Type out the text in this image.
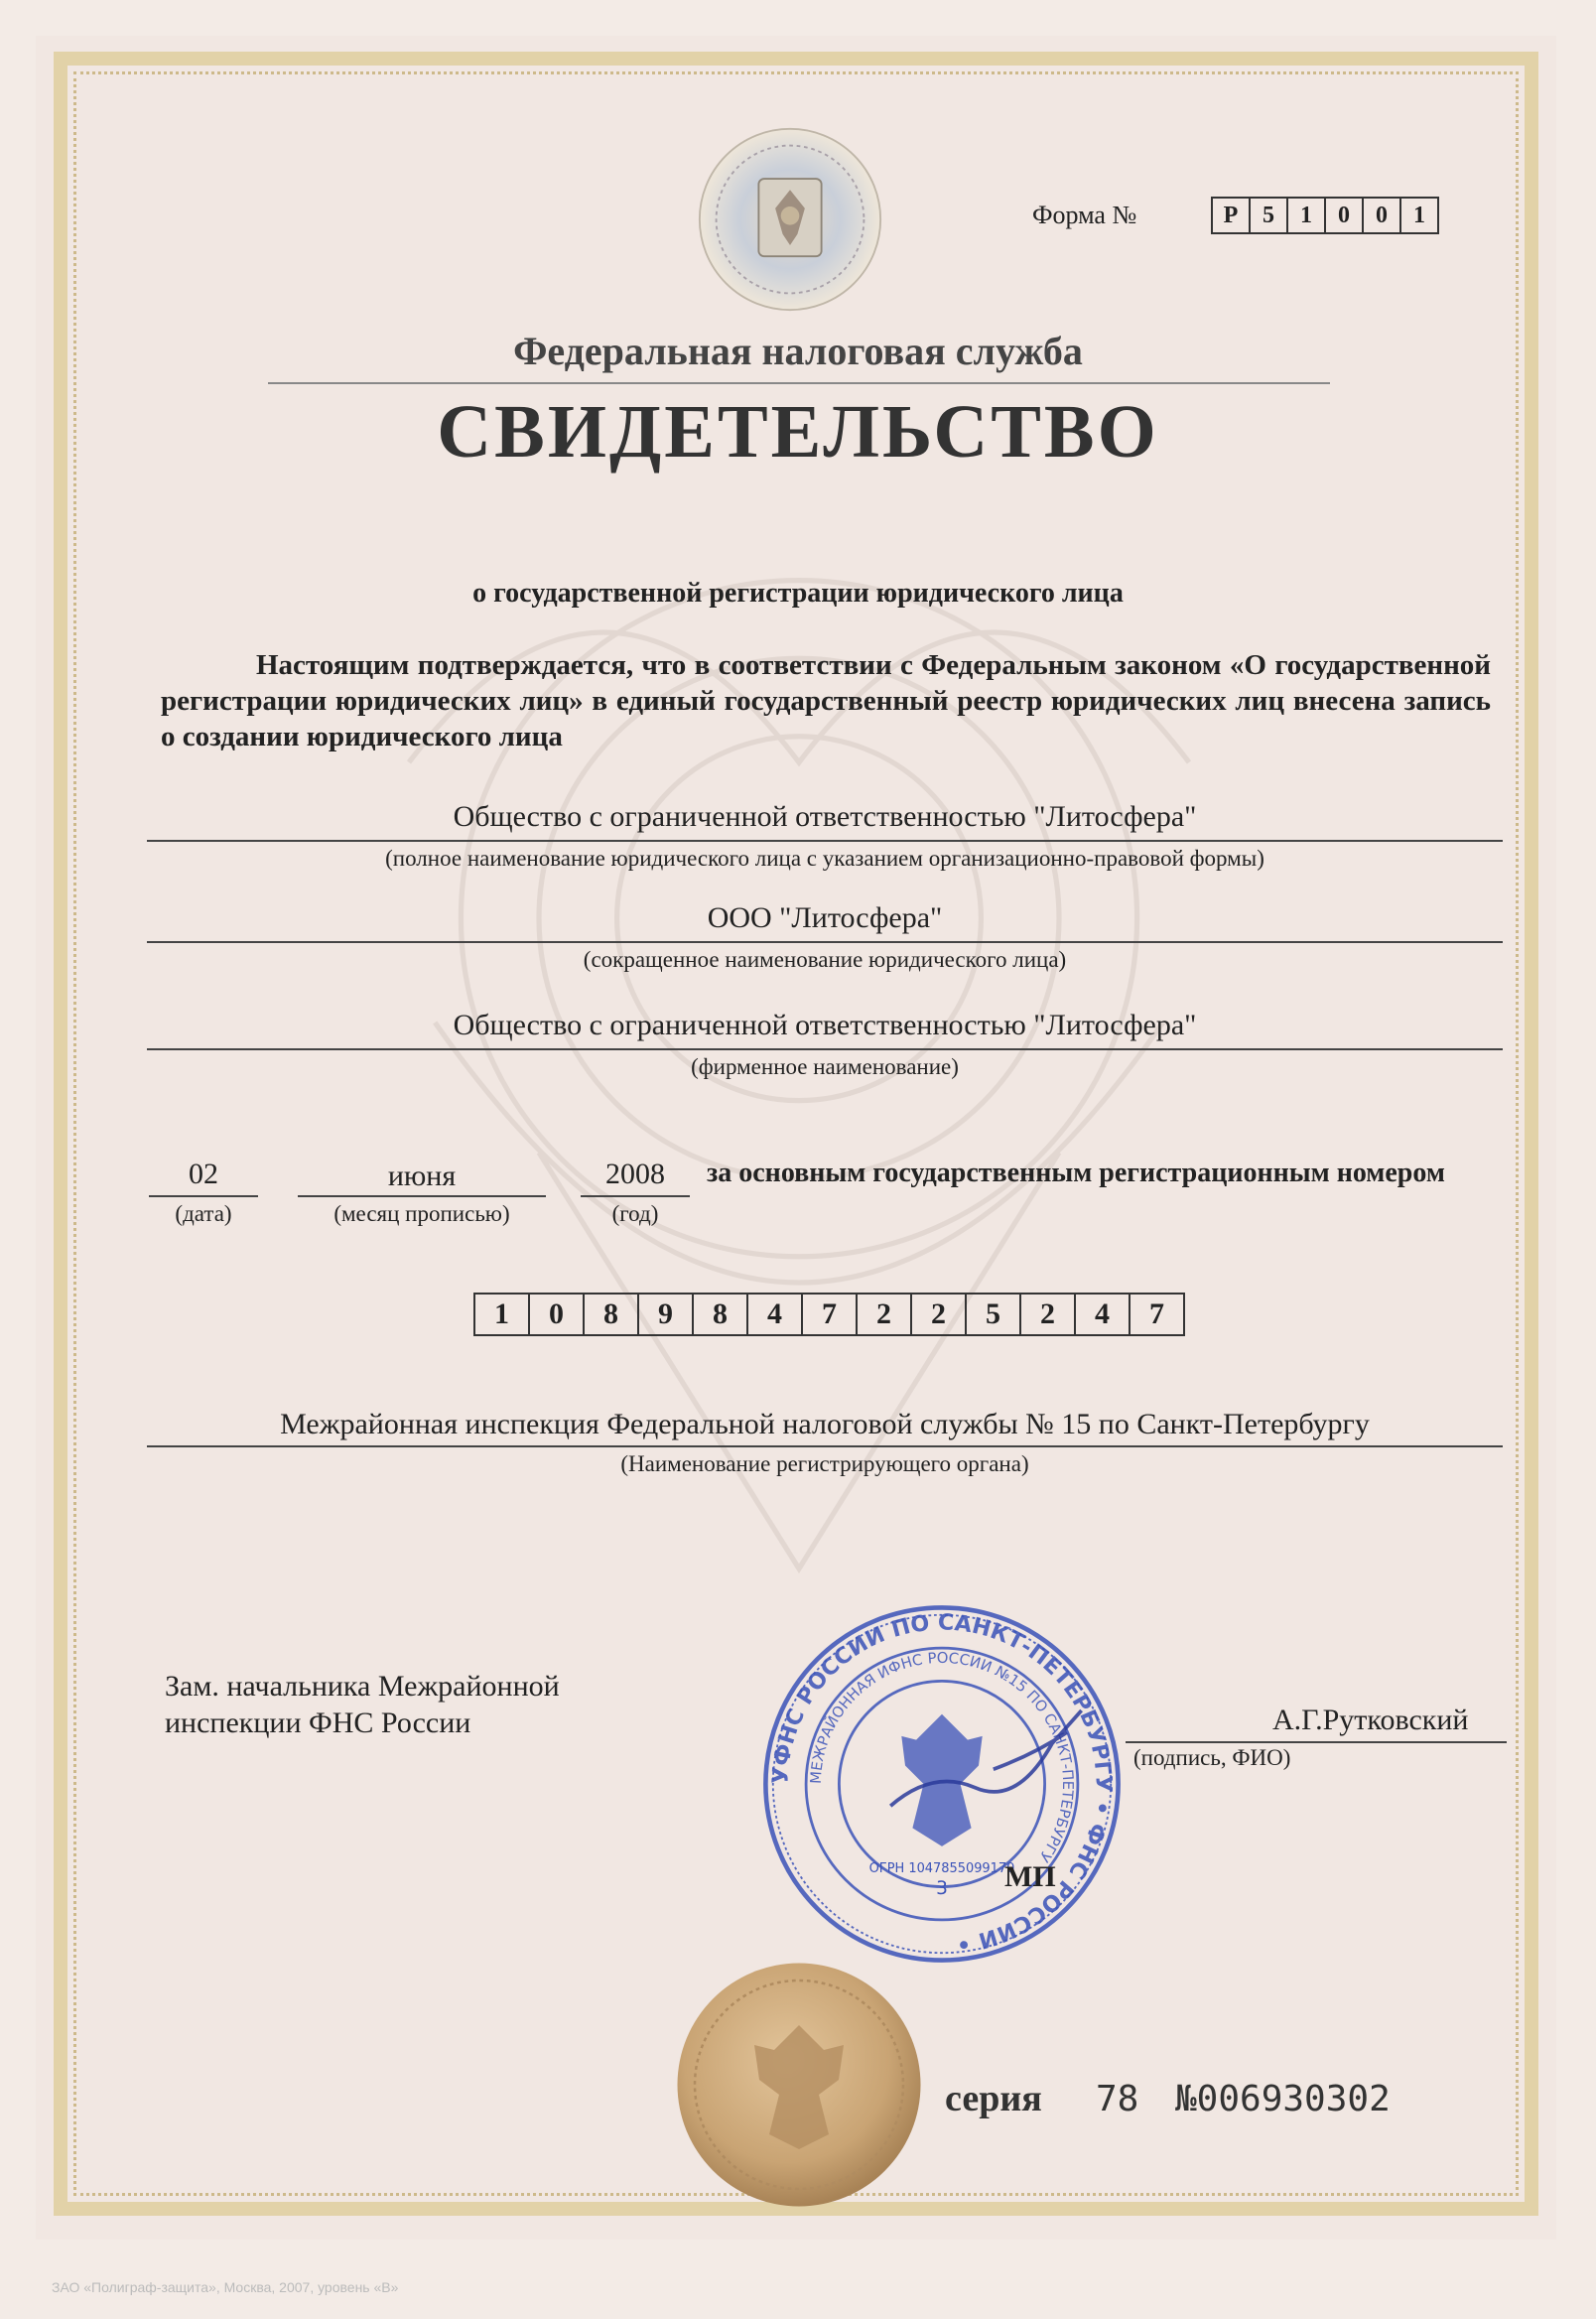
Форма №	Р	5	1	0	0	1
Федеральная налоговая служба
СВИДЕТЕЛЬСТВО
о государственной регистрации юридического лица
Настоящим подтверждается, что в соответствии с Федеральным законом «О государственной регистрации юридических лиц» в единый государственный реестр юридических лиц внесена запись о создании юридического лица
Общество с ограниченной ответственностью "Литосфера"
(полное наименование юридического лица с указанием организационно-правовой формы)
ООО "Литосфера"
(сокращенное наименование юридического лица)
Общество с ограниченной ответственностью "Литосфера"
(фирменное наименование)
02
(дата)
июня
(месяц прописью)
2008
(год)
за основным государственным регистрационным номером
1	0	8	9	8	4	7	2	2	5	2	4	7
Межрайонная инспекция Федеральной налоговой службы № 15 по Санкт-Петербургу
(Наименование регистрирующего органа)
Зам. начальника Межрайонной
инспекции ФНС России
УФНС РОССИИ ПО САНКТ-ПЕТЕРБУРГУ • ФНС РОССИИ •
МЕЖРАЙОННАЯ ИФНС РОССИИ №15 ПО САНКТ-ПЕТЕРБУРГУ
ОГРН 1047855099170
3
А.Г.Рутковский
(подпись, ФИО)
МП
серия 78 №006930302
ЗАО «Полиграф-защита», Москва, 2007, уровень «В»
